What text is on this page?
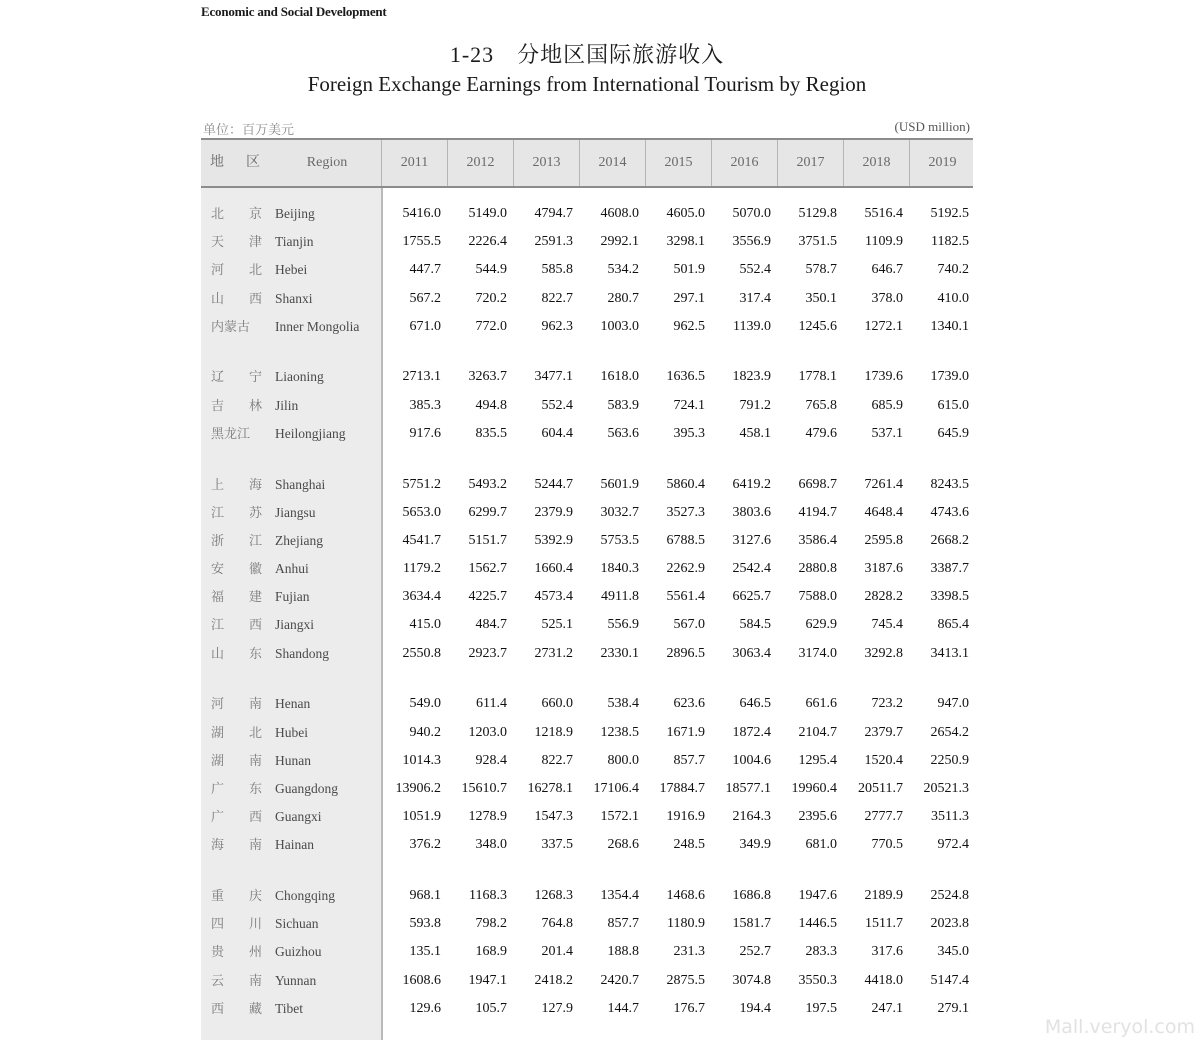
Economic and Social Development
1-23　分地区国际旅游收入
Foreign Exchange Earnings from International Tourism by Region
单位：百万美元	(USD million)
地　区	Region	2011	2012	2013	2014	2015	2016	2017	2018	2019
北　京 Beijing	5416.0	5149.0	4794.7	4608.0	4605.0	5070.0	5129.8	5516.4	5192.5
天　津 Tianjin	1755.5	2226.4	2591.3	2992.1	3298.1	3556.9	3751.5	1109.9	1182.5
河　北 Hebei	447.7	544.9	585.8	534.2	501.9	552.4	578.7	646.7	740.2
山　西 Shanxi	567.2	720.2	822.7	280.7	297.1	317.4	350.1	378.0	410.0
内蒙古	Inner Mongolia	671.0	772.0	962.3	1003.0	962.5	1139.0	1245.6	1272.1	1340.1
辽　宁 Liaoning	2713.1	3263.7	3477.1	1618.0	1636.5	1823.9	1778.1	1739.6	1739.0
吉　林 Jilin	385.3	494.8	552.4	583.9	724.1	791.2	765.8	685.9	615.0
黑龙江	Heilongjiang	917.6	835.5	604.4	563.6	395.3	458.1	479.6	537.1	645.9
上　海 Shanghai	5751.2	5493.2	5244.7	5601.9	5860.4	6419.2	6698.7	7261.4	8243.5
江　苏 Jiangsu	5653.0	6299.7	2379.9	3032.7	3527.3	3803.6	4194.7	4648.4	4743.6
浙　江 Zhejiang	4541.7	5151.7	5392.9	5753.5	6788.5	3127.6	3586.4	2595.8	2668.2
安　徽 Anhui	1179.2	1562.7	1660.4	1840.3	2262.9	2542.4	2880.8	3187.6	3387.7
福　建 Fujian	3634.4	4225.7	4573.4	4911.8	5561.4	6625.7	7588.0	2828.2	3398.5
江　西 Jiangxi	415.0	484.7	525.1	556.9	567.0	584.5	629.9	745.4	865.4
山　东 Shandong	2550.8	2923.7	2731.2	2330.1	2896.5	3063.4	3174.0	3292.8	3413.1
河　南 Henan	549.0	611.4	660.0	538.4	623.6	646.5	661.6	723.2	947.0
湖　北 Hubei	940.2	1203.0	1218.9	1238.5	1671.9	1872.4	2104.7	2379.7	2654.2
湖　南 Hunan	1014.3	928.4	822.7	800.0	857.7	1004.6	1295.4	1520.4	2250.9
广　东 Guangdong	13906.2	15610.7	16278.1	17106.4	17884.7	18577.1	19960.4	20511.7	20521.3
广　西 Guangxi	1051.9	1278.9	1547.3	1572.1	1916.9	2164.3	2395.6	2777.7	3511.3
海　南 Hainan	376.2	348.0	337.5	268.6	248.5	349.9	681.0	770.5	972.4
重　庆 Chongqing	968.1	1168.3	1268.3	1354.4	1468.6	1686.8	1947.6	2189.9	2524.8
四　川 Sichuan	593.8	798.2	764.8	857.7	1180.9	1581.7	1446.5	1511.7	2023.8
贵　州 Guizhou	135.1	168.9	201.4	188.8	231.3	252.7	283.3	317.6	345.0
云　南 Yunnan	1608.6	1947.1	2418.2	2420.7	2875.5	3074.8	3550.3	4418.0	5147.4
西　藏 Tibet	129.6	105.7	127.9	144.7	176.7	194.4	197.5	247.1	279.1
Mall.veryol.com
